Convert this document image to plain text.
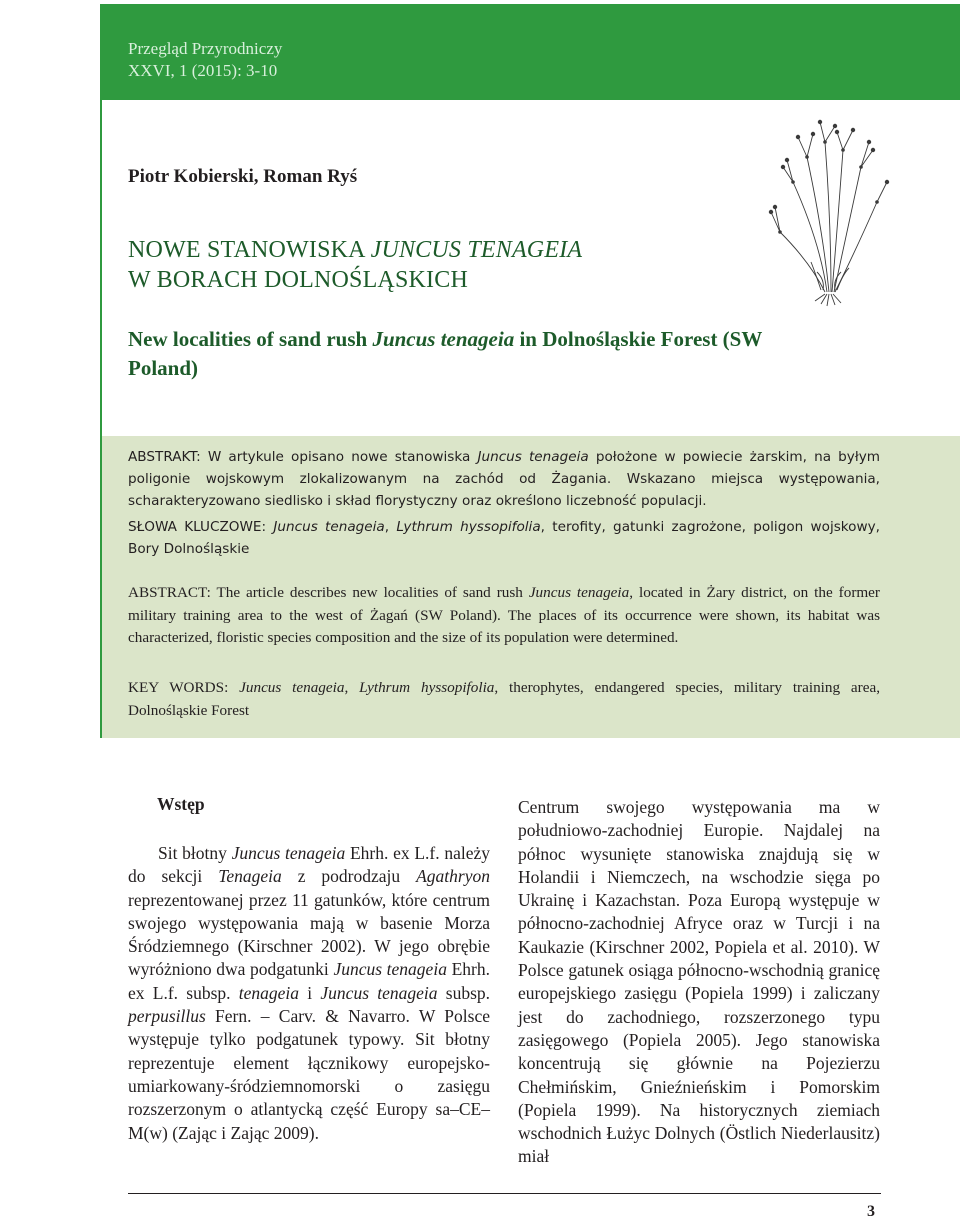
Przegląd Przyrodniczy
XXVI, 1 (2015): 3-10
Piotr Kobierski, Roman Ryś
NOWE STANOWISKA JUNCUS TENAGEIA
W BORACH DOLNOŚLĄSKICH
New localities of sand rush Juncus tenageia in Dolnośląskie Forest (SW Poland)
ABSTRAKT: W artykule opisano nowe stanowiska Juncus tenageia położone w powiecie żarskim, na byłym poligonie wojskowym zlokalizowanym na zachód od Żagania. Wskazano miejsca występowania, scharakteryzowano siedlisko i skład florystyczny oraz określono liczebność populacji.
SŁOWA KLUCZOWE: Juncus tenageia, Lythrum hyssopifolia, terofity, gatunki zagrożone, poligon wojskowy, Bory Dolnośląskie
ABSTRACT: The article describes new localities of sand rush Juncus tenageia, located in Żary district, on the former military training area to the west of Żagań (SW Poland). The places of its occurrence were shown, its habitat was characterized, floristic species composition and the size of its population were determined.
KEY WORDS: Juncus tenageia, Lythrum hyssopifolia, therophytes, endangered species, military training area, Dolnośląskie Forest
Wstęp

Sit błotny Juncus tenageia Ehrh. ex L.f. należy do sekcji Tenageia z podrodzaju Agathryon reprezentowanej przez 11 gatunków, które centrum swojego występowania mają w basenie Morza Śródziemnego (Kirschner 2002). W jego obrębie wyróżniono dwa podgatunki Juncus tenageia Ehrh. ex L.f. subsp. tenageia i Juncus tenageia subsp. perpusillus Fern. – Carv. & Navarro. W Polsce występuje tylko podgatunek typowy. Sit błotny reprezentuje element łącznikowy europejsko-umiarkowany-śródziemnomorski o zasięgu rozszerzonym o atlantycką część Europy sa–CE–M(w) (Zając i Zając 2009).

Centrum swojego występowania ma w południowo-zachodniej Europie. Najdalej na północ wysunięte stanowiska znajdują się w Holandii i Niemczech, na wschodzie sięga po Ukrainę i Kazachstan. Poza Europą występuje w północno-zachodniej Afryce oraz w Turcji i na Kaukazie (Kirschner 2002, Popiela et al. 2010). W Polsce gatunek osiąga północno-wschodnią granicę europejskiego zasięgu (Popiela 1999) i zaliczany jest do zachodniego, rozszerzonego typu zasięgowego (Popiela 2005). Jego stanowiska koncentrują się głównie na Pojezierzu Chełmińskim, Gnieźnieńskim i Pomorskim (Popiela 1999). Na historycznych ziemiach wschodnich Łużyc Dolnych (Östlich Niederlausitz) miał

3
